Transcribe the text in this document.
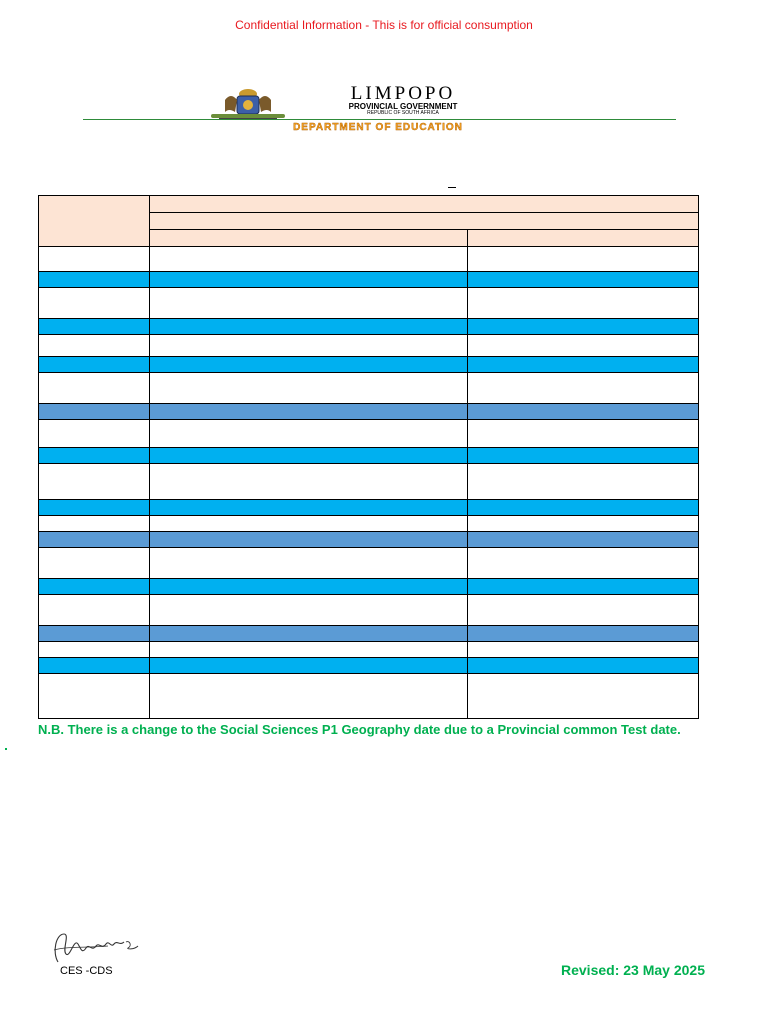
Confidential Information - This is for official consumption
LIMPOPO
PROVINCIAL GOVERNMENT
REPUBLIC OF SOUTH AFRICA
DEPARTMENT OF EDUCATION

N.B. There is a change to the Social Sciences P1 Geography date due to a Provincial common Test date.
CES -CDS	Revised: 23 May 2025
